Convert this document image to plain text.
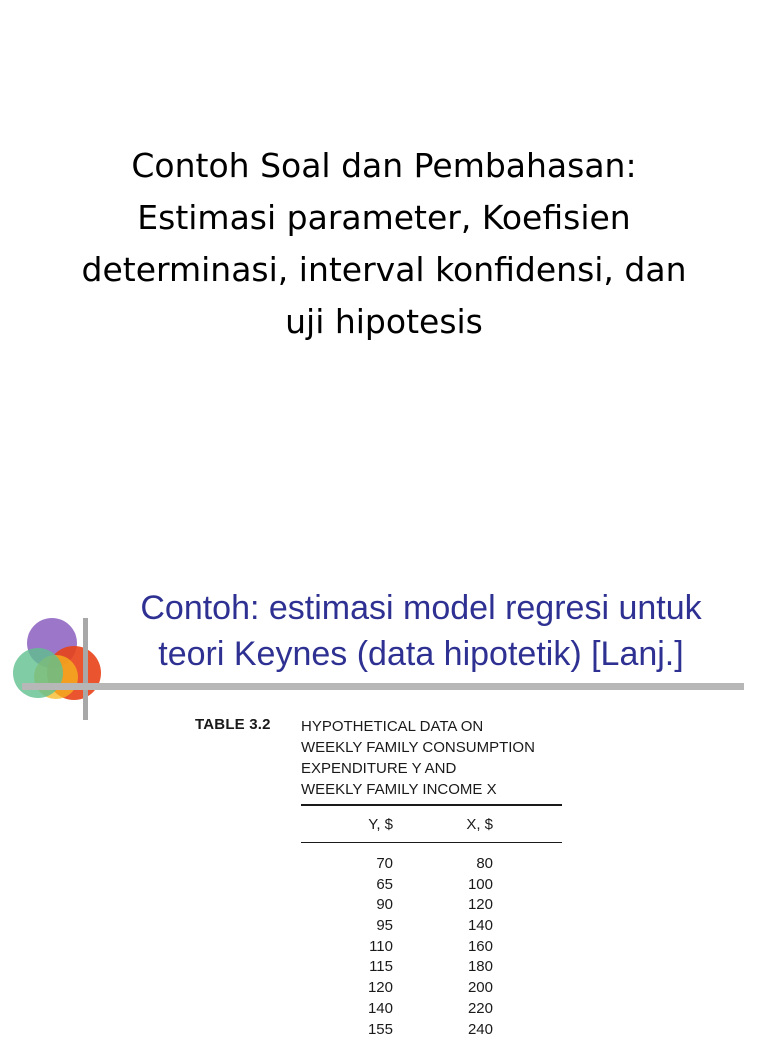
Contoh Soal dan Pembahasan:
Estimasi parameter, Koefisien
determinasi, interval konfidensi, dan
uji hipotesis
Contoh: estimasi model regresi untuk
teori Keynes (data hipotetik) [Lanj.]
TABLE 3.2 HYPOTHETICAL DATA ON
WEEKLY FAMILY CONSUMPTION
EXPENDITURE Y AND
WEEKLY FAMILY INCOME X
Y, $	X, $
70	80
65	100
90	120
95	140
110	160
115	180
120	200
140	220
155	240
